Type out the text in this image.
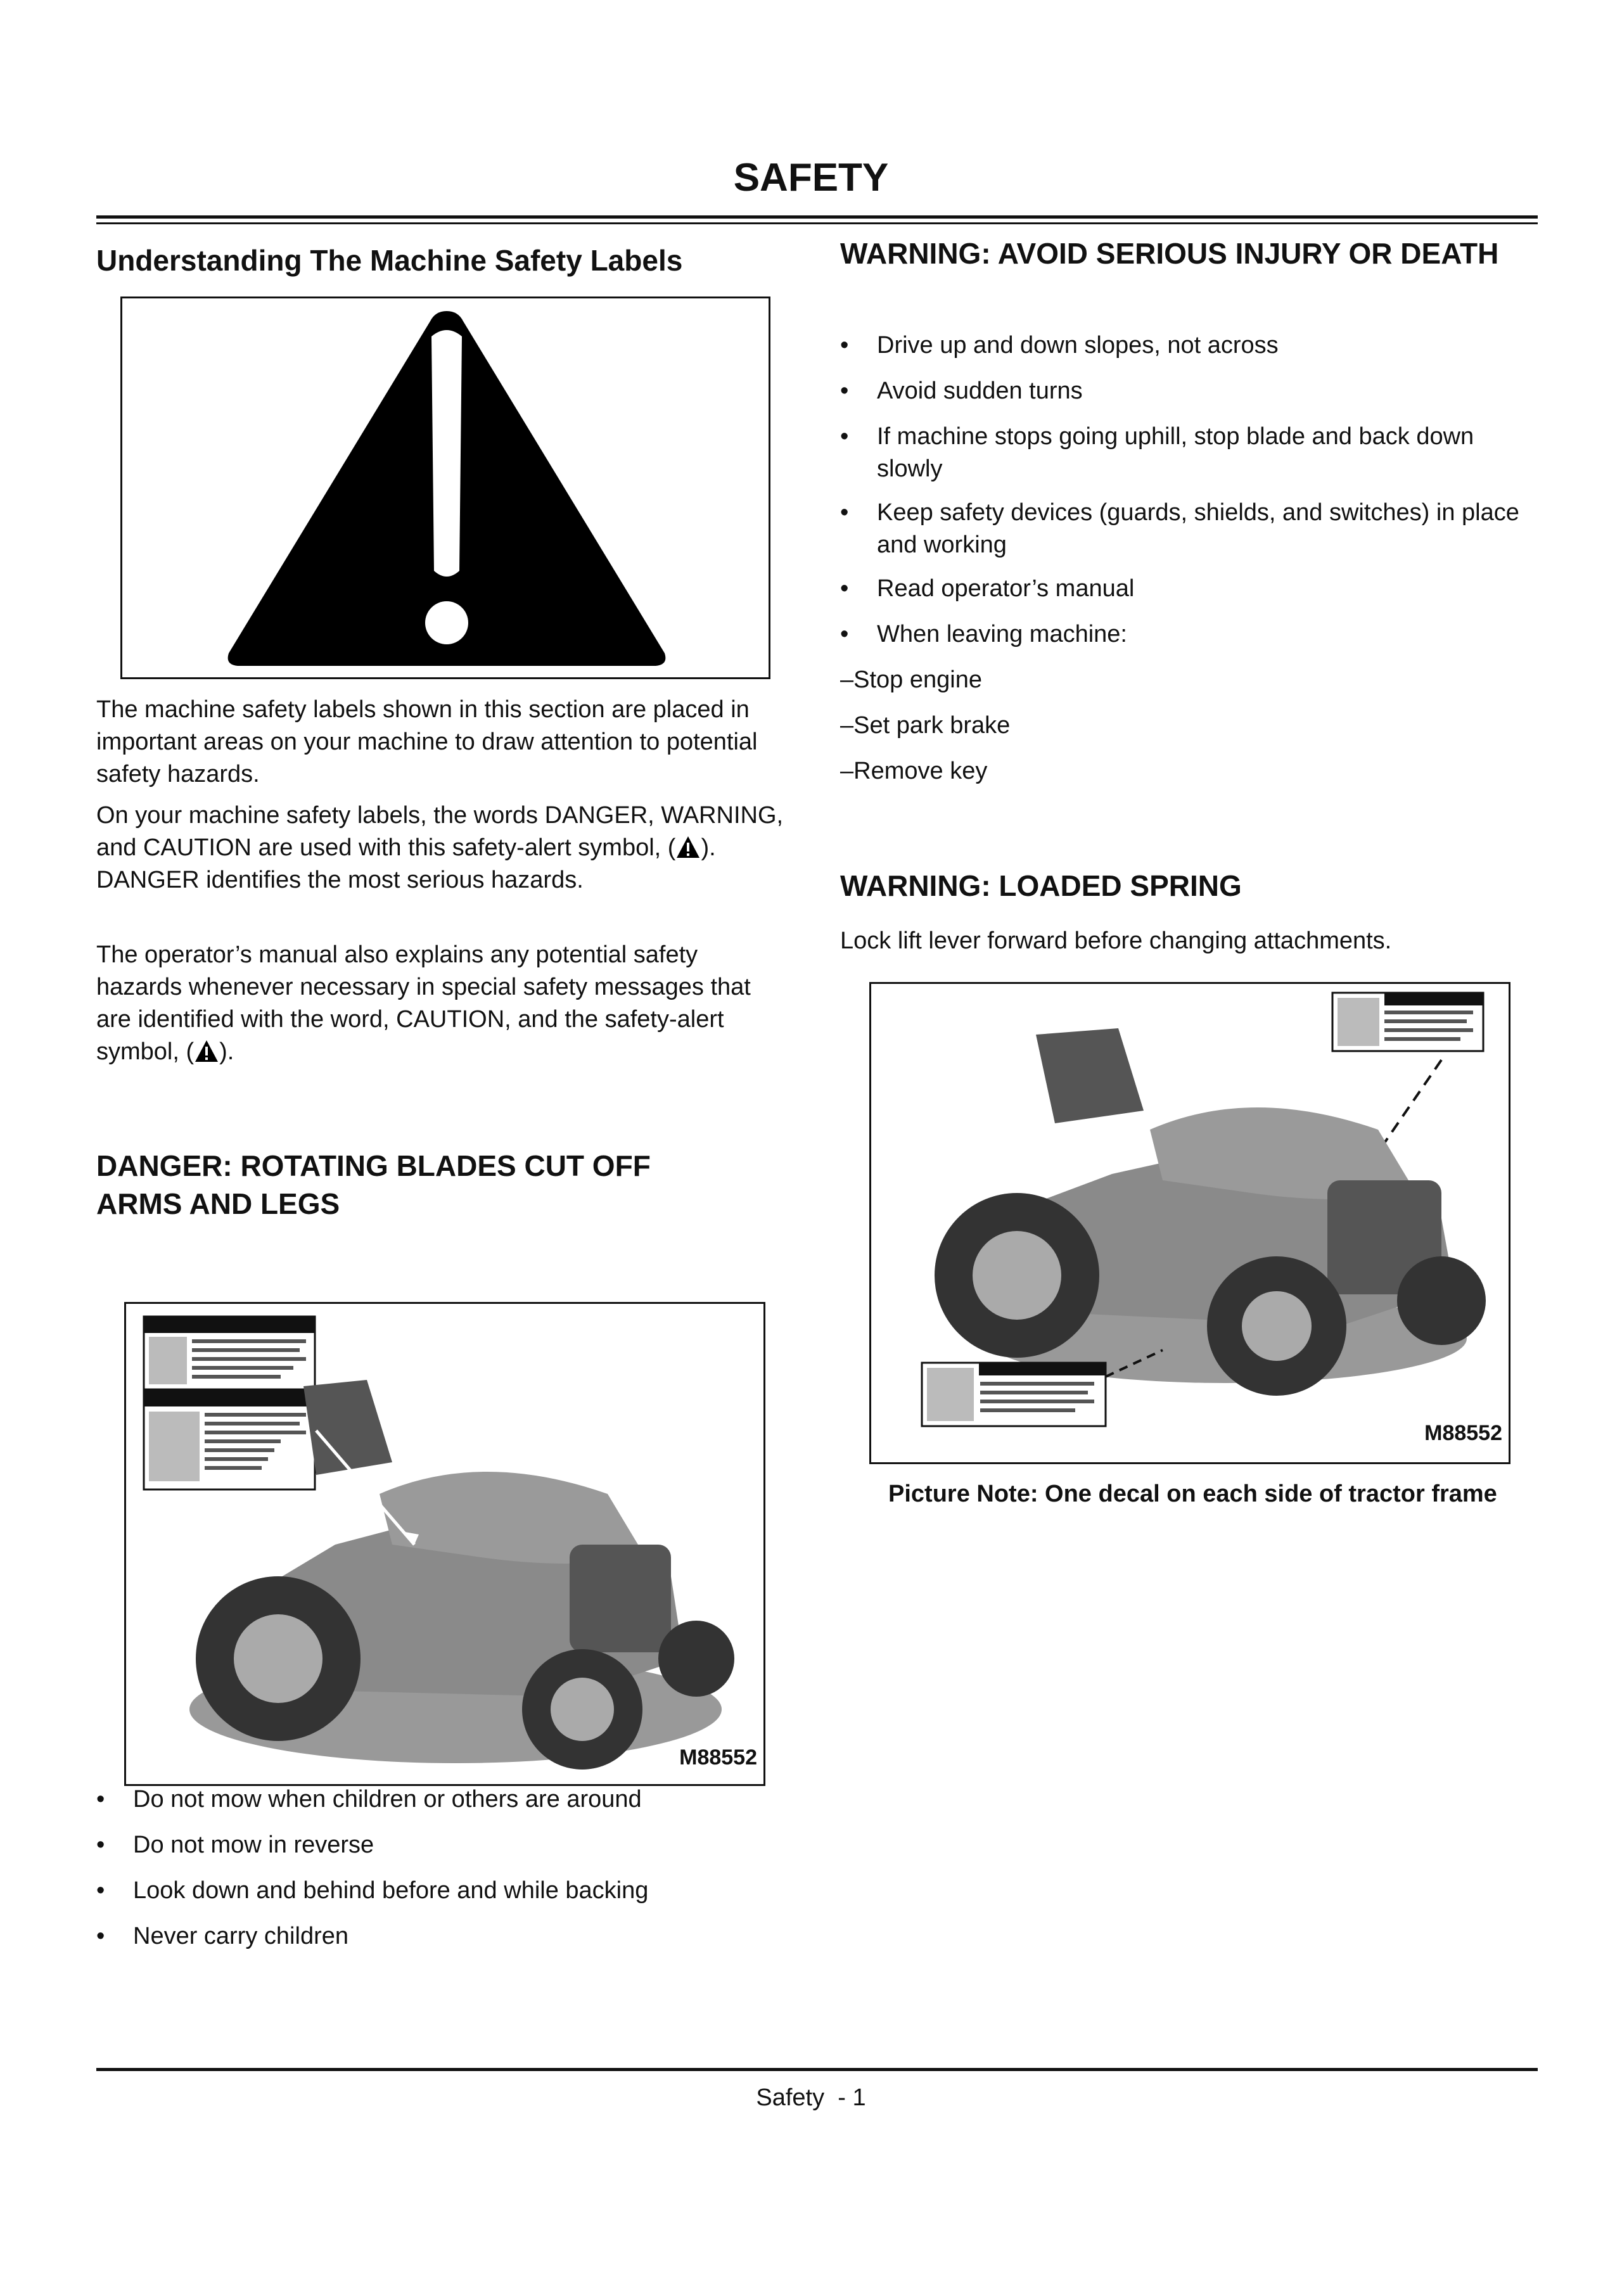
SAFETY
Understanding The Machine Safety Labels

The machine safety labels shown in this section are placed in important areas on your machine to draw attention to potential safety hazards.

On your machine safety labels, the words DANGER, WARNING, and CAUTION are used with this safety-alert symbol, ( ). DANGER identifies the most serious hazards.

The operator’s manual also explains any potential safety hazards whenever necessary in special safety messages that are identified with the word, CAUTION, and the safety-alert symbol, ( ).

DANGER: ROTATING BLADES CUT OFF ARMS AND LEGS
M88552
•	Do not mow when children or others are around
•	Do not mow in reverse
•	Look down and behind before and while backing
•	Never carry children
WARNING: AVOID SERIOUS INJURY OR DEATH
•	Drive up and down slopes, not across
•	Avoid sudden turns
•	If machine stops going uphill, stop blade and back down slowly
•	Keep safety devices (guards, shields, and switches) in place and working
•	Read operator’s manual
•	When leaving machine:
–Stop engine
–Set park brake
–Remove key
WARNING: LOADED SPRING

Lock lift lever forward before changing attachments.

M88552
Picture Note: One decal on each side of tractor frame
Safety  - 1
